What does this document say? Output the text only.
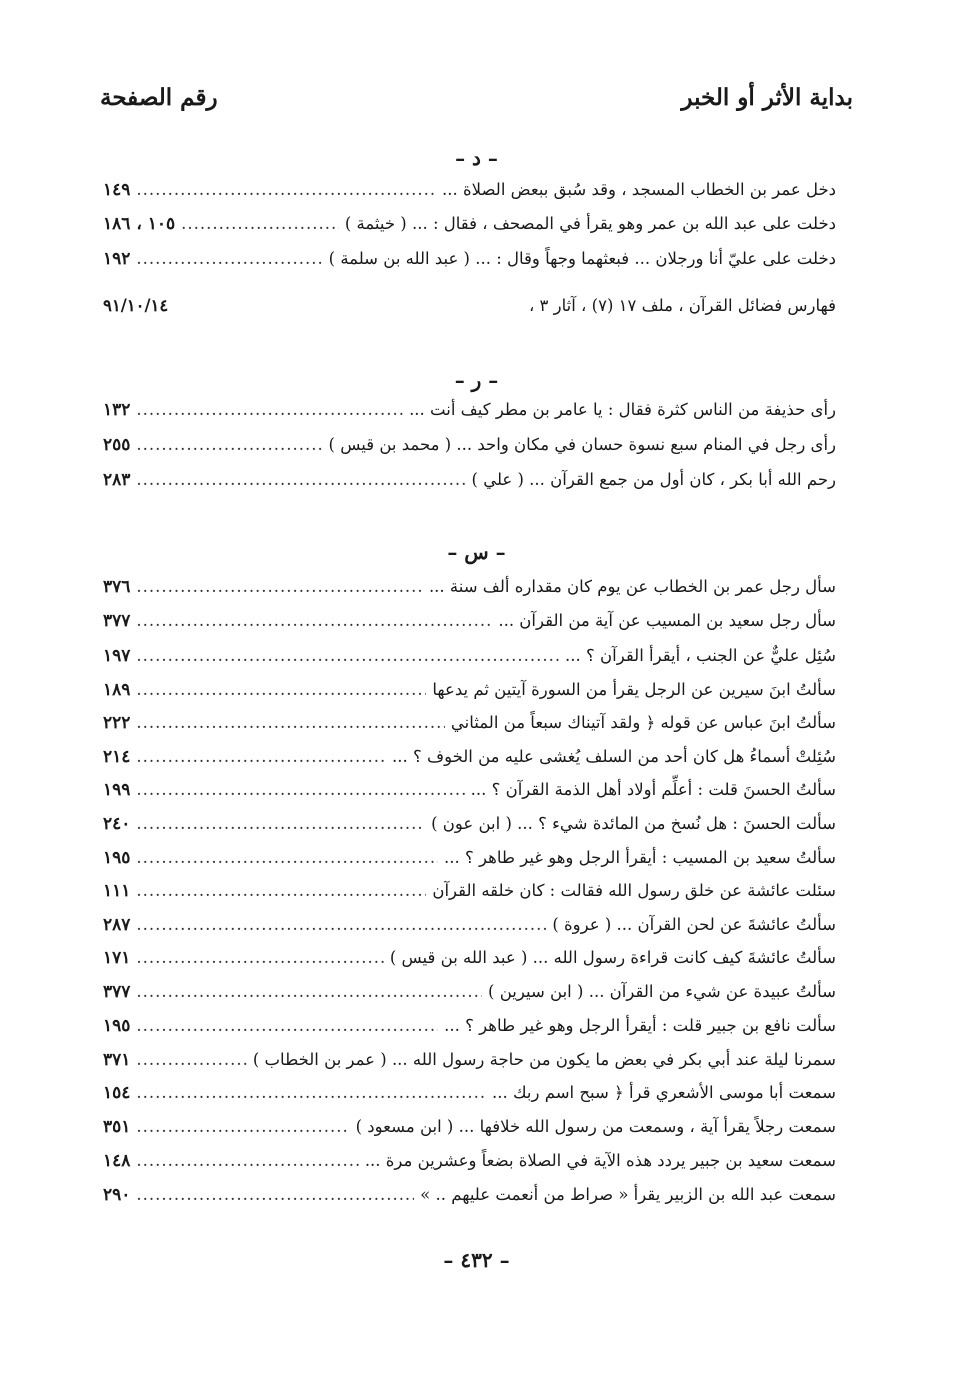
بداية الأثر أو الخبر
رقم الصفحة
– د –
دخل عمر بن الخطاب المسجد ، وقد سُبق ببعض الصلاة ...
.....
١٤٩
دخلت على عبد الله بن عمر وهو يقرأ في المصحف ، فقال : ... ( خيثمة )
.....
١٠٥ ، ١٨٦
دخلت على عليّ أنا ورجلان ... فبعثهما وجهاً وقال : ... ( عبد الله بن سلمة )
.....
١٩٢
فهارس فضائل القرآن ، ملف ١٧ (٧) ، آثار ٣ ،
٩١/١٠/١٤
– ر –
رأى حذيفة من الناس كثرة فقال : يا عامر بن مطر كيف أنت ...
.....
١٣٢
رأى رجل في المنام سبع نسوة حسان في مكان واحد ... ( محمد بن قيس )
.....
٢٥٥
رحم الله أبا بكر ، كان أول من جمع القرآن ... ( علي )
.....
٢٨٣
– س –
سأل رجل عمر بن الخطاب عن يوم كان مقداره ألف سنة ...
.....
٣٧٦
سأل رجل سعيد بن المسيب عن آية من القرآن ...
.....
٣٧٧
سُئِل عليٌّ عن الجنب ، أيقرأ القرآن ؟ ...
.....
١٩٧
سألتُ ابنَ سيرين عن الرجل يقرأ من السورة آيتين ثم يدعها
.....
١٨٩
سألتُ ابنَ عباس عن قوله ﴿ ولقد آتيناك سبعاً من المثاني
.....
٢٢٢
سُئِلتْ أسماءُ هل كان أحد من السلف يُغشى عليه من الخوف ؟ ...
.....
٢١٤
سألتُ الحسنَ قلت : أعلِّم أولاد أهل الذمة القرآن ؟ ...
.....
١٩٩
سألت الحسنَ : هل نُسخ من المائدة شيء ؟ ... ( ابن عون )
.....
٢٤٠
سألتُ سعيد بن المسيب : أيقرأ الرجل وهو غير طاهر ؟ ...
.....
١٩٥
سئلت عائشة عن خلق رسول الله فقالت : كان خلقه القرآن
.....
١١١
سألتُ عائشةَ عن لحن القرآن ... ( عروة )
.....
٢٨٧
سألتُ عائشةَ كيف كانت قراءة رسول الله ... ( عبد الله بن قيس )
.....
١٧١
سألتُ عبيدة عن شيء من القرآن ... ( ابن سيرين )
.....
٣٧٧
سألت نافع بن جبير قلت : أيقرأ الرجل وهو غير طاهر ؟ ...
.....
١٩٥
سمرنا ليلة عند أبي بكر في بعض ما يكون من حاجة رسول الله ... ( عمر بن الخطاب )
.....
٣٧١
سمعت أبا موسى الأشعري قرأ ﴿ سبح اسم ربك ...
.....
١٥٤
سمعت رجلاً يقرأ آية ، وسمعت من رسول الله خلافها ... ( ابن مسعود )
.....
٣٥١
سمعت سعيد بن جبير يردد هذه الآية في الصلاة بضعاً وعشرين مرة ...
.....
١٤٨
سمعت عبد الله بن الزبير يقرأ « صراط من أنعمت عليهم .. »
.....
٢٩٠
– ٤٣٢ –
